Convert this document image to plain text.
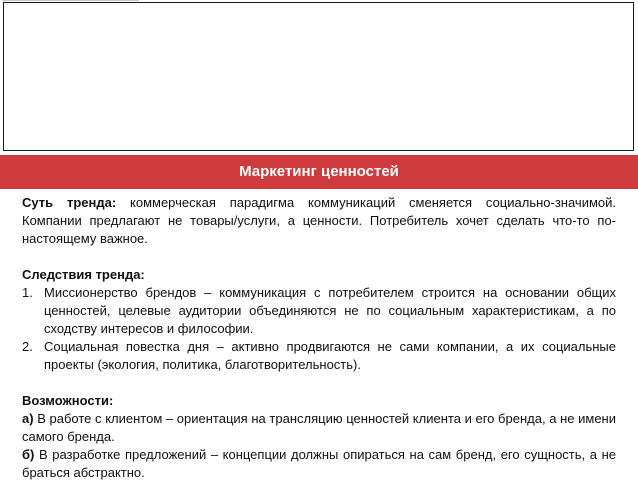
Маркетинг ценностей

Суть тренда: коммерческая парадигма коммуникаций сменяется социально-значимой. Компании предлагают не товары/услуги, а ценности. Потребитель хочет сделать что-то по-настоящему важное.

Следствия тренда:

1. Миссионерство брендов – коммуникация с потребителем строится на основании общих ценностей, целевые аудитории объединяются не по социальным характеристикам, а по сходству интересов и философии.
2. Социальная повестка дня – активно продвигаются не сами компании, а их социальные проекты (экология, политика, благотворительность).

Возможности:

а) В работе с клиентом – ориентация на трансляцию ценностей клиента и его бренда, а не имени самого бренда.

б) В разработке предложений – концепции должны опираться на сам бренд, его сущность, а не браться абстрактно.
